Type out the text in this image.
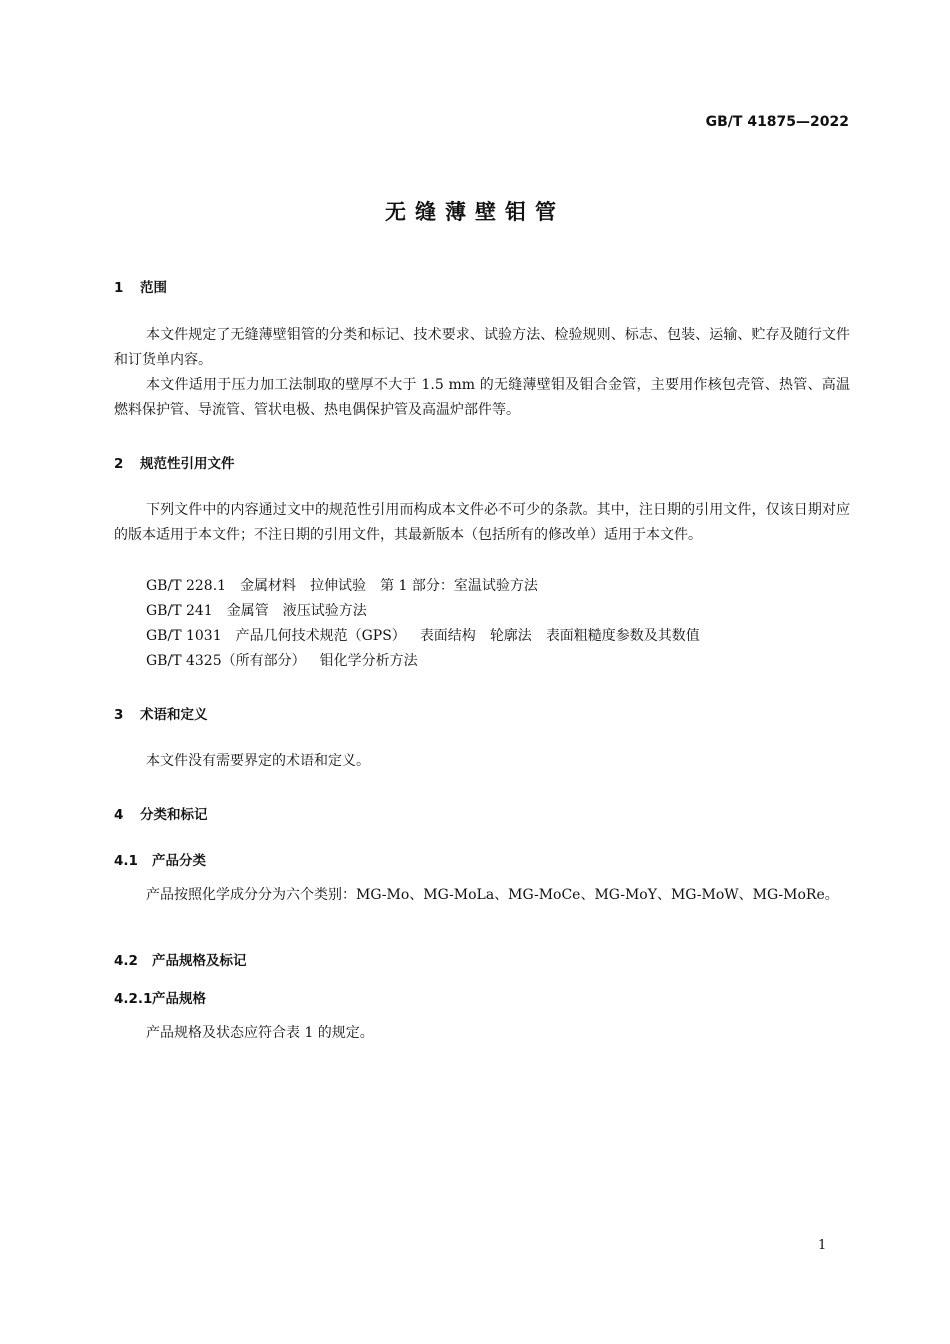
GB/T 41875—2022
无缝薄壁钼管
1 范围
本文件规定了无缝薄壁钼管的分类和标记、技术要求、试验方法、检验规则、标志、包装、运输、贮存及随行文件和订货单内容。
本文件适用于压力加工法制取的壁厚不大于 1.5 mm 的无缝薄壁钼及钼合金管，主要用作核包壳管、热管、高温燃料保护管、导流管、管状电极、热电偶保护管及高温炉部件等。
2 规范性引用文件
下列文件中的内容通过文中的规范性引用而构成本文件必不可少的条款。其中，注日期的引用文件，仅该日期对应的版本适用于本文件；不注日期的引用文件，其最新版本（包括所有的修改单）适用于本文件。
GB/T 228.1 金属材料 拉伸试验 第 1 部分：室温试验方法
GB/T 241 金属管 液压试验方法
GB/T 1031 产品几何技术规范（GPS） 表面结构 轮廓法 表面粗糙度参数及其数值
GB/T 4325（所有部分） 钼化学分析方法
3 术语和定义
本文件没有需要界定的术语和定义。
4 分类和标记
4.1 产品分类
产品按照化学成分分为六个类别：MG-Mo、MG-MoLa、MG-MoCe、MG-MoY、MG-MoW、MG-MoRe。
4.2 产品规格及标记
4.2.1产品规格
产品规格及状态应符合表 1 的规定。
1
